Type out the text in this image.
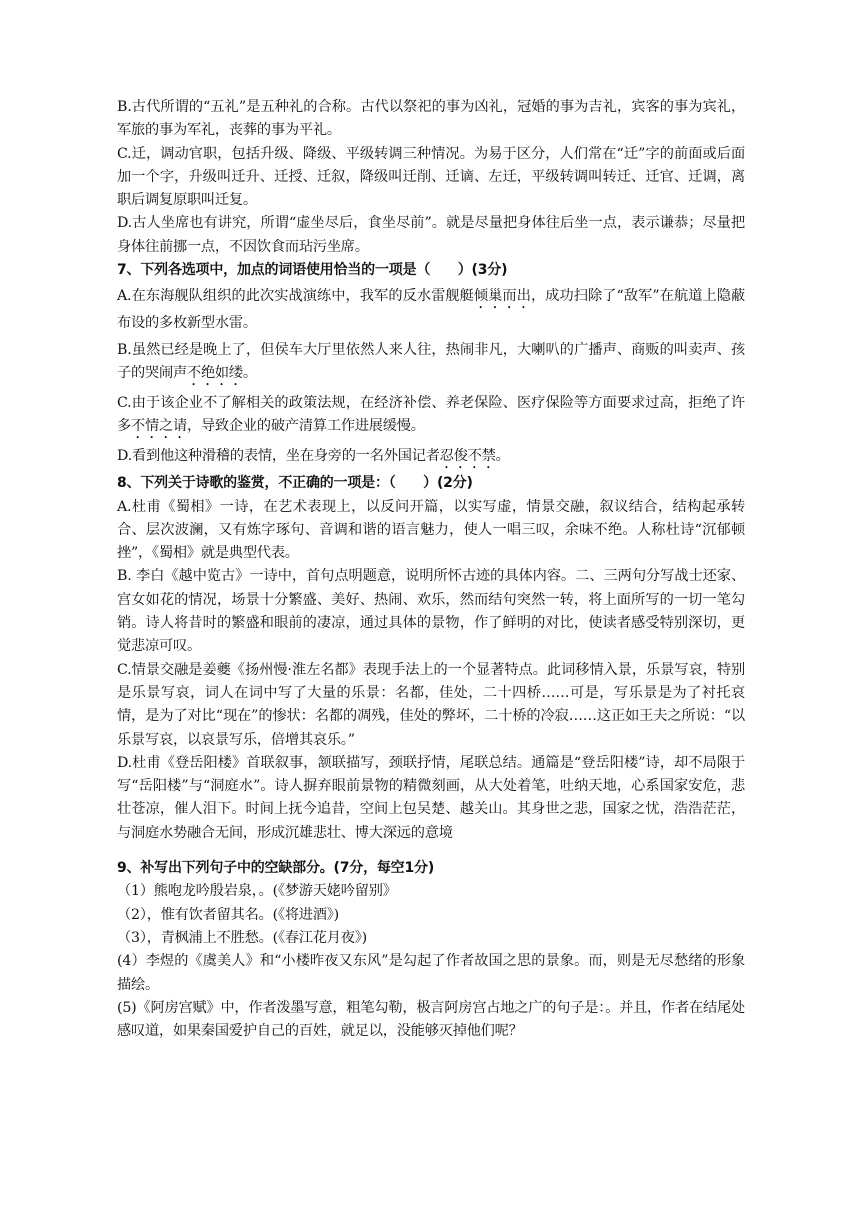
B.古代所谓的“五礼”是五种礼的合称。古代以祭祀的事为凶礼，冠婚的事为吉礼，宾客的事为宾礼，军旅的事为军礼，丧葬的事为平礼。

C.迁，调动官职，包括升级、降级、平级转调三种情况。为易于区分，人们常在“迁”字的前面或后面加一个字，升级叫迁升、迁授、迁叙，降级叫迁削、迁谪、左迁，平级转调叫转迁、迁官、迁调，离职后调复原职叫迁复。

D.古人坐席也有讲究，所谓“虚坐尽后，食坐尽前”。就是尽量把身体往后坐一点，表示谦恭；尽量把身体往前挪一点，不因饮食而玷污坐席。

7、下列各选项中，加点的词语使用恰当的一项是（　　）(3分)

A.在东海舰队组织的此次实战演练中，我军的反水雷舰艇倾巢而出，成功扫除了“敌军”在航道上隐蔽布设的多枚新型水雷。

B.虽然已经是晚上了，但侯车大厅里依然人来人往，热闹非凡，大喇叭的广播声、商贩的叫卖声、孩子的哭闹声不绝如缕。

C.由于该企业不了解相关的政策法规，在经济补偿、养老保险、医疗保险等方面要求过高，拒绝了许多不情之请，导致企业的破产清算工作进展缓慢。

D.看到他这种滑稽的表情，坐在身旁的一名外国记者忍俊不禁。

8、下列关于诗歌的鉴赏，不正确的一项是：（　　）(2分)

A.杜甫《蜀相》一诗，在艺术表现上，以反问开篇，以实写虚，情景交融，叙议结合，结构起承转合、层次波澜，又有炼字琢句、音调和谐的语言魅力，使人一唱三叹，余味不绝。人称杜诗“沉郁顿挫”，《蜀相》就是典型代表。

B. 李白《越中览古》一诗中，首句点明题意，说明所怀古迹的具体内容。二、三两句分写战士还家、宫女如花的情况，场景十分繁盛、美好、热闹、欢乐，然而结句突然一转，将上面所写的一切一笔勾销。诗人将昔时的繁盛和眼前的凄凉，通过具体的景物，作了鲜明的对比，使读者感受特别深切，更觉悲凉可叹。

C.情景交融是姜夔《扬州慢·淮左名都》表现手法上的一个显著特点。此词移情入景，乐景写哀，特别是乐景写哀，词人在词中写了大量的乐景：名都，佳处，二十四桥……可是，写乐景是为了衬托哀情，是为了对比“现在”的惨状：名都的凋残，佳处的弊坏，二十桥的冷寂……这正如王夫之所说：“以乐景写哀，以哀景写乐，倍增其哀乐。”

D.杜甫《登岳阳楼》首联叙事，颔联描写，颈联抒情，尾联总结。通篇是“登岳阳楼”诗，却不局限于写“岳阳楼”与“洞庭水”。诗人摒弃眼前景物的精微刻画，从大处着笔，吐纳天地，心系国家安危，悲壮苍凉，催人泪下。时间上抚今追昔，空间上包吴楚、越关山。其身世之悲，国家之忧，浩浩茫茫，与洞庭水势融合无间，形成沉雄悲壮、博大深远的意境

9、补写出下列句子中的空缺部分。(7分，每空1分)

（1）熊咆龙吟殷岩泉，。(《梦游天姥吟留别》

（2），惟有饮者留其名。(《将进酒》)

（3），青枫浦上不胜愁。(《春江花月夜》)

(4）李煜的《虞美人》和“小楼昨夜又东风”是勾起了作者故国之思的景象。而，则是无尽愁绪的形象描绘。

(5)《阿房宫赋》中，作者泼墨写意，粗笔勾勒，极言阿房宫占地之广的句子是：。并且，作者在结尾处感叹道，如果秦国爱护自己的百姓，就足以，没能够灭掉他们呢？
